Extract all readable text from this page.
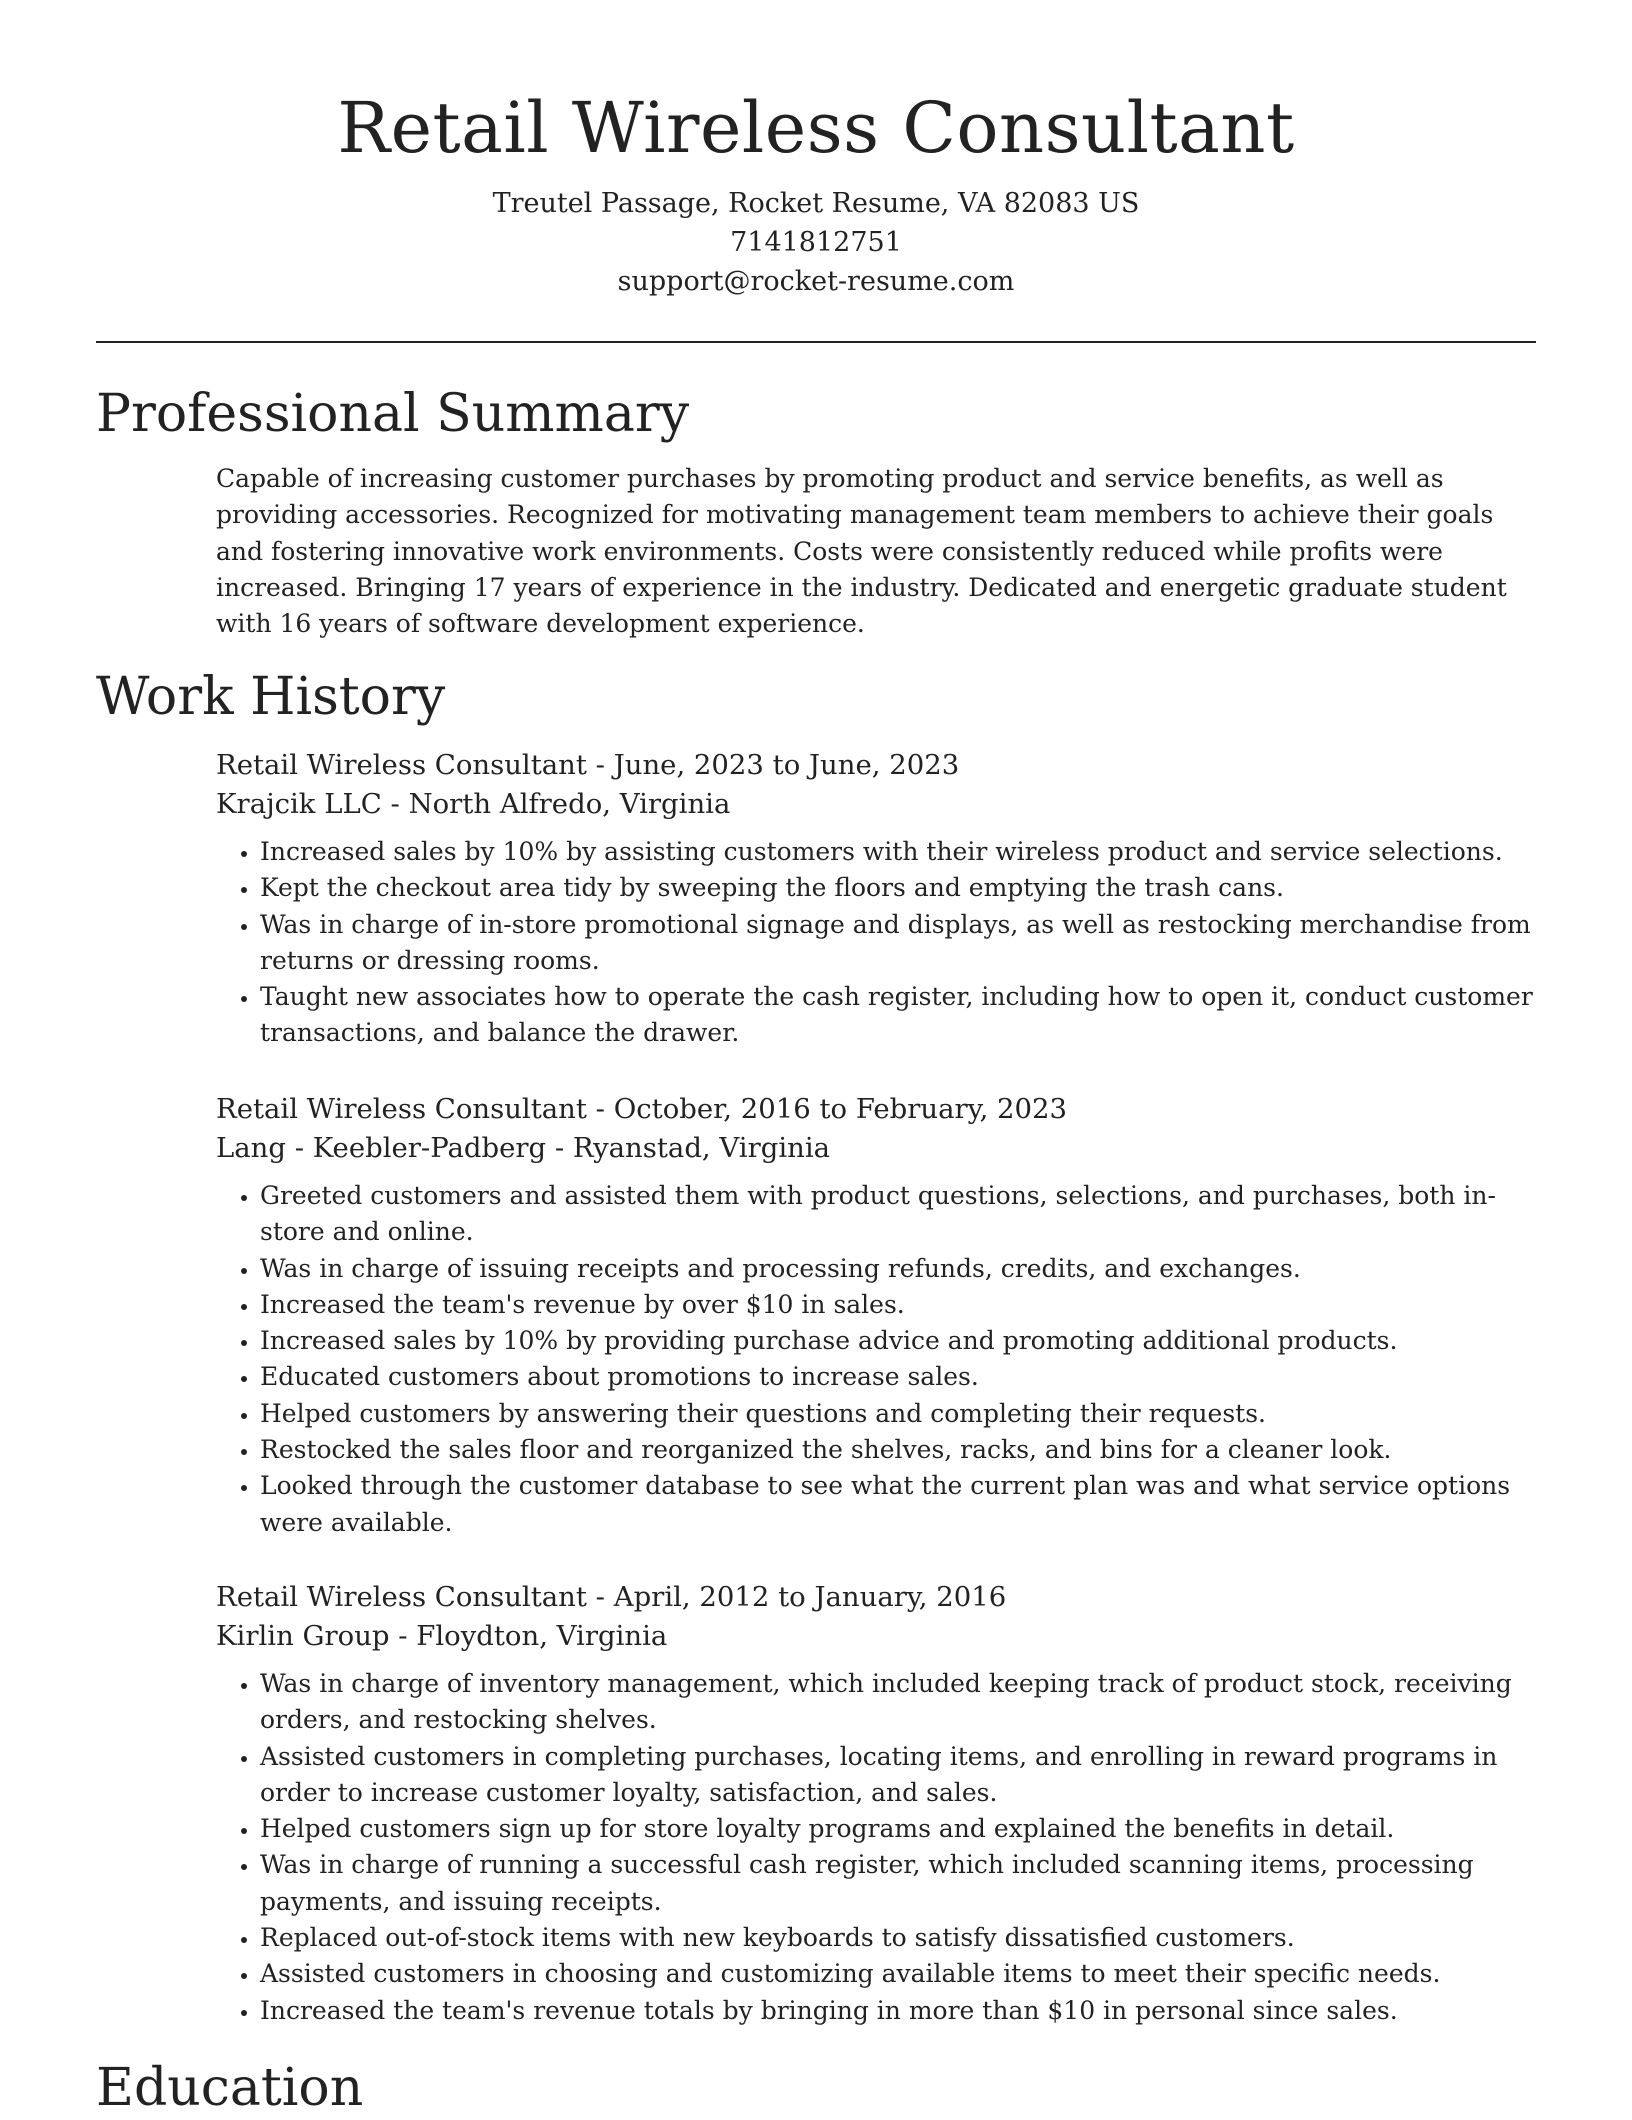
Retail Wireless Consultant
Treutel Passage, Rocket Resume, VA 82083 US
7141812751
support@rocket-resume.com
Professional Summary

Capable of increasing customer purchases by promoting product and service benefits, as well as providing accessories. Recognized for motivating management team members to achieve their goals and fostering innovative work environments. Costs were consistently reduced while profits were increased. Bringing 17 years of experience in the industry. Dedicated and energetic graduate student with 16 years of software development experience.

Work History
Retail Wireless Consultant - June, 2023 to June, 2023
Krajcik LLC - North Alfredo, Virginia
• Increased sales by 10% by assisting customers with their wireless product and service selections.
• Kept the checkout area tidy by sweeping the floors and emptying the trash cans.
• Was in charge of in-store promotional signage and displays, as well as restocking merchandise from returns or dressing rooms.
• Taught new associates how to operate the cash register, including how to open it, conduct customer transactions, and balance the drawer.
Retail Wireless Consultant - October, 2016 to February, 2023
Lang - Keebler-Padberg - Ryanstad, Virginia
• Greeted customers and assisted them with product questions, selections, and purchases, both in-store and online.
• Was in charge of issuing receipts and processing refunds, credits, and exchanges.
• Increased the team's revenue by over $10 in sales.
• Increased sales by 10% by providing purchase advice and promoting additional products.
• Educated customers about promotions to increase sales.
• Helped customers by answering their questions and completing their requests.
• Restocked the sales floor and reorganized the shelves, racks, and bins for a cleaner look.
• Looked through the customer database to see what the current plan was and what service options were available.
Retail Wireless Consultant - April, 2012 to January, 2016
Kirlin Group - Floydton, Virginia
• Was in charge of inventory management, which included keeping track of product stock, receiving orders, and restocking shelves.
• Assisted customers in completing purchases, locating items, and enrolling in reward programs in order to increase customer loyalty, satisfaction, and sales.
• Helped customers sign up for store loyalty programs and explained the benefits in detail.
• Was in charge of running a successful cash register, which included scanning items, processing payments, and issuing receipts.
• Replaced out-of-stock items with new keyboards to satisfy dissatisfied customers.
• Assisted customers in choosing and customizing available items to meet their specific needs.
• Increased the team's revenue totals by bringing in more than $10 in personal since sales.
Education
